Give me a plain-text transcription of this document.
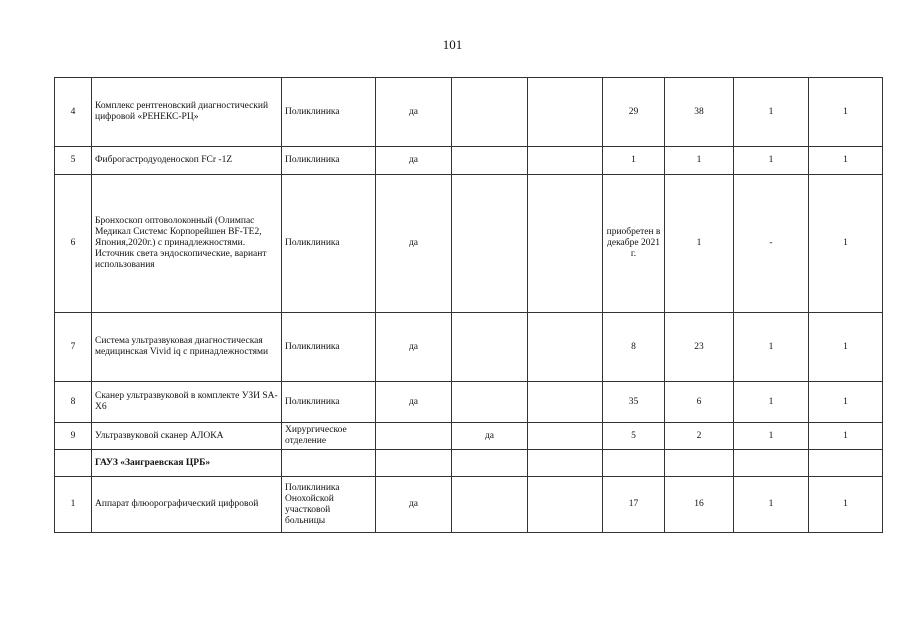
101
4	Комплекс рентгеновский диагностический цифровой «РЕНЕКС-РЦ»	Поликлиника	да			29	38	1	1
5	Фиброгастродуоденоскоп FCr -1Z	Поликлиника	да			1	1	1	1
6	Бронхоскоп оптоволоконный (Олимпас Медикал Системс Корпорейшен BF-TE2, Япония,2020г.) с принадлежностями. Источник света эндоскопические, вариант использования	Поликлиника	да			приобретен в декабре 2021 г.	1	-	1
7	Система ультразвуковая диагностическая медицинская Vivid iq с принадлежностями	Поликлиника	да			8	23	1	1
8	Сканер ультразвуковой в комплекте УЗИ SA-X6	Поликлиника	да			35	6	1	1
9	Ультразвуковой сканер АЛОКА	Хирургическое отделение		да		5	2	1	1
	ГАУЗ «Заиграевская ЦРБ»								
1	Аппарат флюорографический цифровой	Поликлиника Онохойской участковой больницы	да			17	16	1	1
